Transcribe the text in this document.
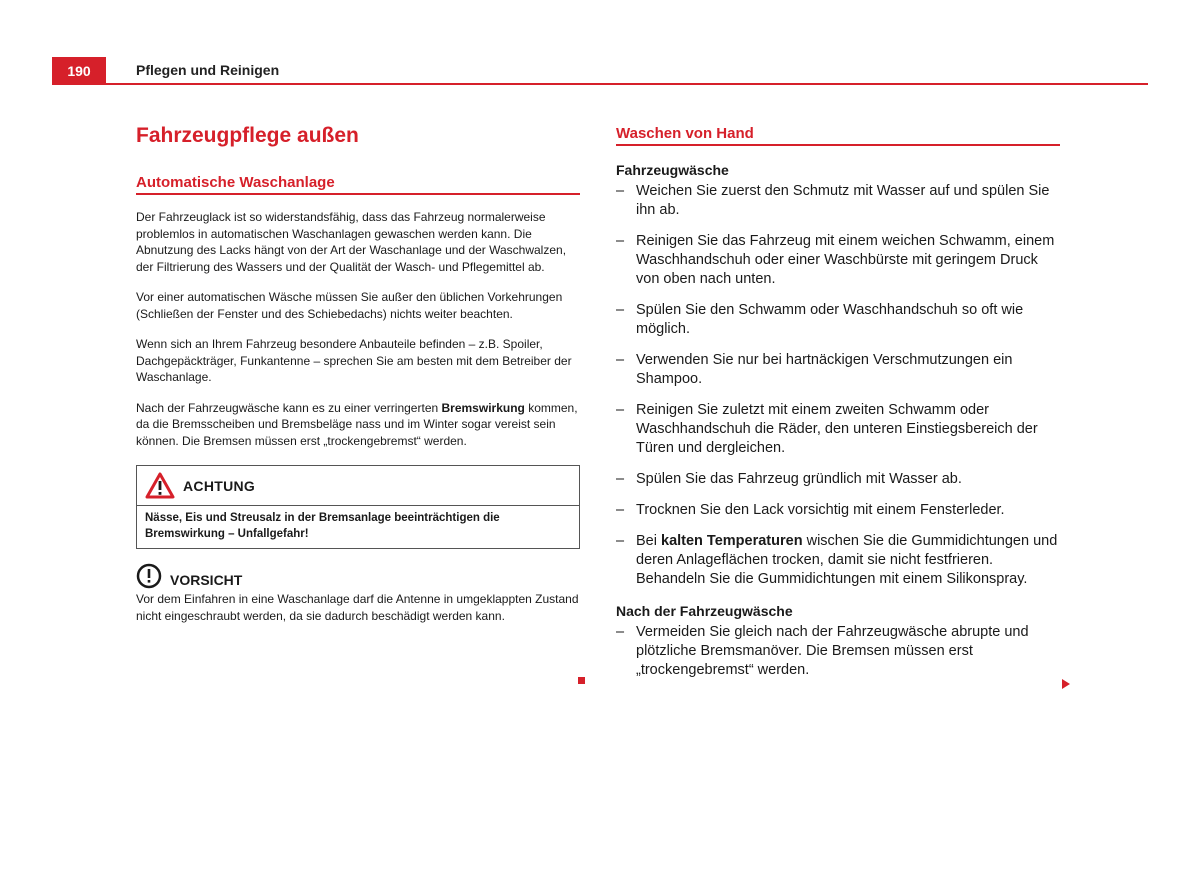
190	Pflegen und Reinigen
Fahrzeugpflege außen
Automatische Waschanlage

Der Fahrzeuglack ist so widerstandsfähig, dass das Fahrzeug normalerweise problemlos in automatischen Waschanlagen gewaschen werden kann. Die Abnutzung des Lacks hängt von der Art der Waschanlage und der Waschwalzen, der Filtrierung des Wassers und der Qualität der Wasch- und Pflegemittel ab.

Vor einer automatischen Wäsche müssen Sie außer den üblichen Vorkehrungen (Schließen der Fenster und des Schiebedachs) nichts weiter beachten.

Wenn sich an Ihrem Fahrzeug besondere Anbauteile befinden – z.B. Spoiler, Dachgepäckträger, Funkantenne – sprechen Sie am besten mit dem Betreiber der Waschanlage.

Nach der Fahrzeugwäsche kann es zu einer verringerten Bremswirkung kommen, da die Bremsscheiben und Bremsbeläge nass und im Winter sogar vereist sein können. Die Bremsen müssen erst „trockengebremst“ werden.

ACHTUNG
Nässe, Eis und Streusalz in der Bremsanlage beeinträchtigen die Bremswirkung – Unfallgefahr!
VORSICHT

Vor dem Einfahren in eine Waschanlage darf die Antenne in umgeklappten Zustand nicht eingeschraubt werden, da sie dadurch beschädigt werden kann.

Waschen von Hand
Fahrzeugwäsche
– Weichen Sie zuerst den Schmutz mit Wasser auf und spülen Sie ihn ab.
– Reinigen Sie das Fahrzeug mit einem weichen Schwamm, einem Waschhandschuh oder einer Waschbürste mit geringem Druck von oben nach unten.
– Spülen Sie den Schwamm oder Waschhandschuh so oft wie möglich.
– Verwenden Sie nur bei hartnäckigen Verschmutzungen ein Shampoo.
– Reinigen Sie zuletzt mit einem zweiten Schwamm oder Waschhandschuh die Räder, den unteren Einstiegsbereich der Türen und dergleichen.
– Spülen Sie das Fahrzeug gründlich mit Wasser ab.
– Trocknen Sie den Lack vorsichtig mit einem Fensterleder.
– Bei kalten Temperaturen wischen Sie die Gummidichtungen und deren Anlageflächen trocken, damit sie nicht festfrieren. Behandeln Sie die Gummidichtungen mit einem Silikonspray.
Nach der Fahrzeugwäsche
– Vermeiden Sie gleich nach der Fahrzeugwäsche abrupte und plötzliche Bremsmanöver. Die Bremsen müssen erst „trockengebremst“ werden.
